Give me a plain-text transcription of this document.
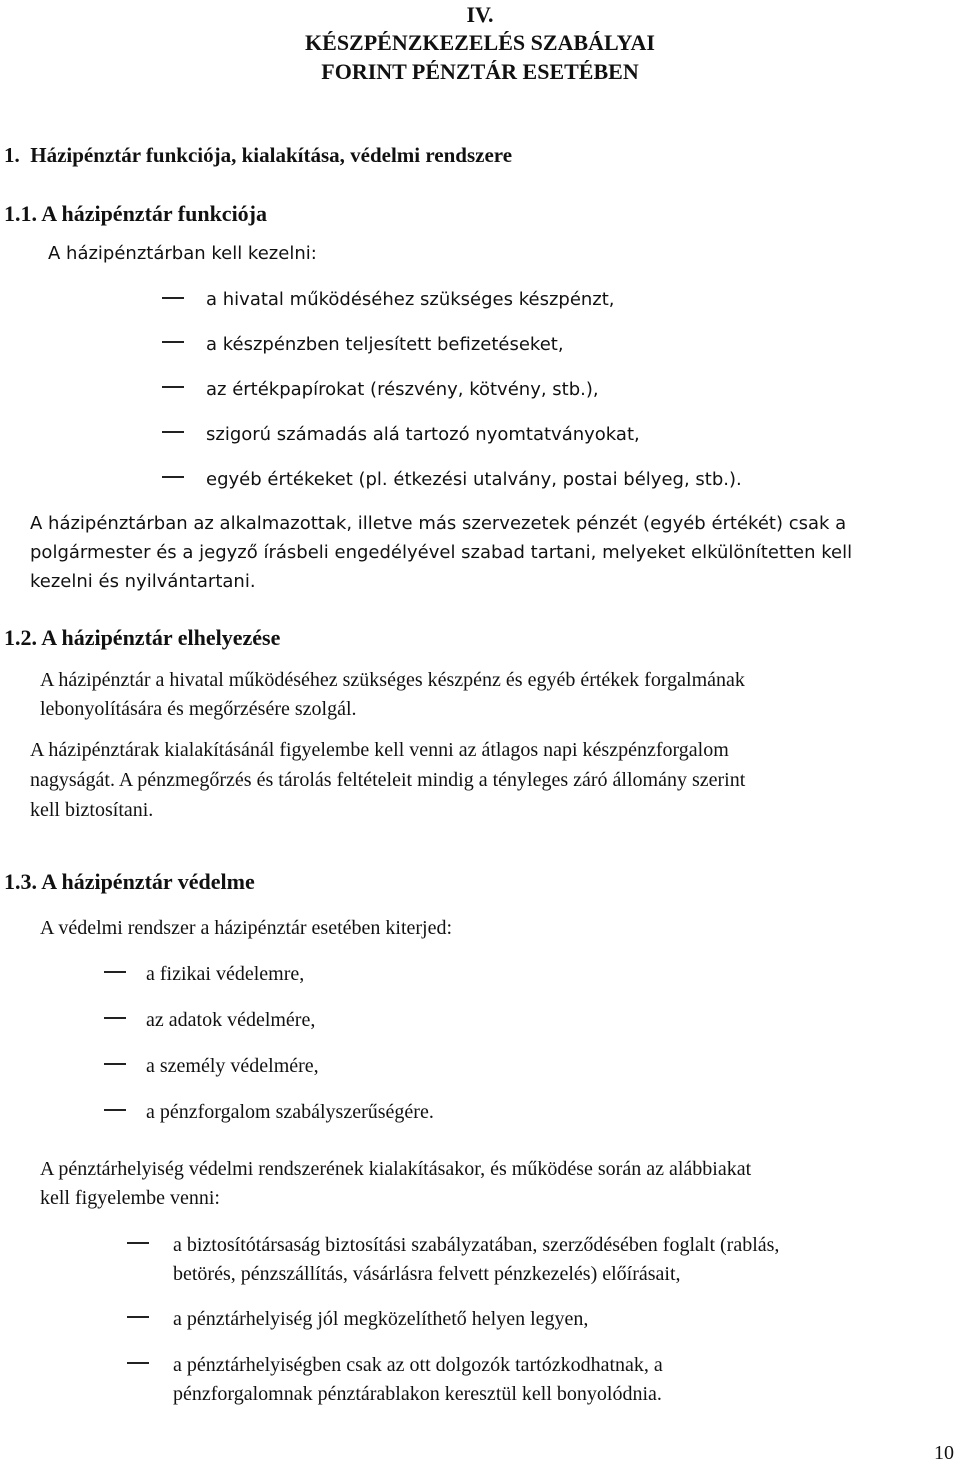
IV.
KÉSZPÉNZKEZELÉS SZABÁLYAI
FORINT PÉNZTÁR ESETÉBEN
1.  Házipénztár funkciója, kialakítása, védelmi rendszere
1.1. A házipénztár funkciója
A házipénztárban kell kezelni:
a hivatal működéséhez szükséges készpénzt,
a készpénzben teljesített befizetéseket,
az értékpapírokat (részvény, kötvény, stb.),
szigorú számadás alá tartozó nyomtatványokat,
egyéb értékeket (pl. étkezési utalvány, postai bélyeg, stb.).
A házipénztárban az alkalmazottak, illetve más szervezetek pénzét (egyéb értékét) csak a
polgármester és a jegyző írásbeli engedélyével szabad tartani, melyeket elkülönítetten kell
kezelni és nyilvántartani.
1.2. A házipénztár elhelyezése
A házipénztár a hivatal működéséhez szükséges készpénz és egyéb értékek forgalmának
lebonyolítására és megőrzésére szolgál.
A házipénztárak kialakításánál figyelembe kell venni az átlagos napi készpénzforgalom
nagyságát. A pénzmegőrzés és tárolás feltételeit mindig a tényleges záró állomány szerint
kell biztosítani.
1.3. A házipénztár védelme
A védelmi rendszer a házipénztár esetében kiterjed:
a fizikai védelemre,
az adatok védelmére,
a személy védelmére,
a pénzforgalom szabályszerűségére.
A pénztárhelyiség védelmi rendszerének kialakításakor, és működése során az alábbiakat
kell figyelembe venni:
a biztosítótársaság biztosítási szabályzatában, szerződésében foglalt (rablás,
betörés, pénzszállítás, vásárlásra felvett pénzkezelés) előírásait,
a pénztárhelyiség jól megközelíthető helyen legyen,
a pénztárhelyiségben csak az ott dolgozók tartózkodhatnak, a
pénzforgalomnak pénztárablakon keresztül kell bonyolódnia.
10
